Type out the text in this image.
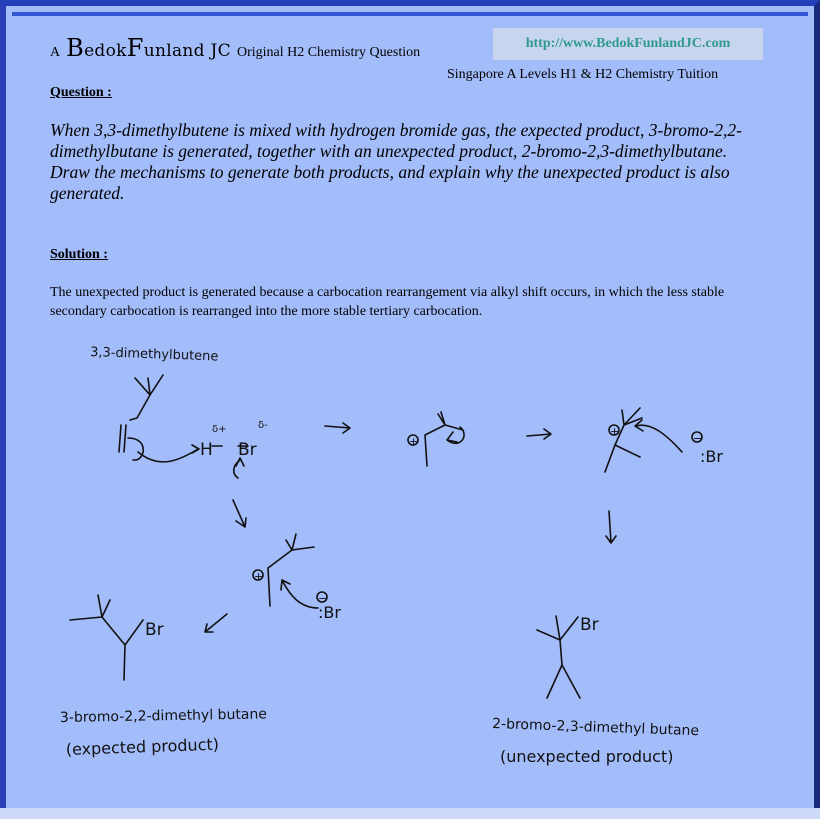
A BedokFunland JC Original H2 Chemistry Question
http://www.BedokFunlandJC.com
Singapore A Levels H1 & H2 Chemistry Tuition
Question :
When 3,3-dimethylbutene is mixed with hydrogen bromide gas, the expected product, 3-bromo-2,2-dimethylbutane is generated, together with an unexpected product, 2-bromo-2,3-dimethylbutane. Draw the mechanisms to generate both products, and explain why the unexpected product is also generated.
Solution :
The unexpected product is generated because a carbocation rearrangement via alkyl shift occurs, in which the less stable secondary carbocation is rearranged into the more stable tertiary carbocation.
3,3-dimethylbutene
δ+	δ-
H Br	+
+
−
:Br
+
−
:Br
Br	Br
3-bromo-2,2-dimethyl butane
(expected product)
2-bromo-2,3-dimethyl butane
(unexpected product)
